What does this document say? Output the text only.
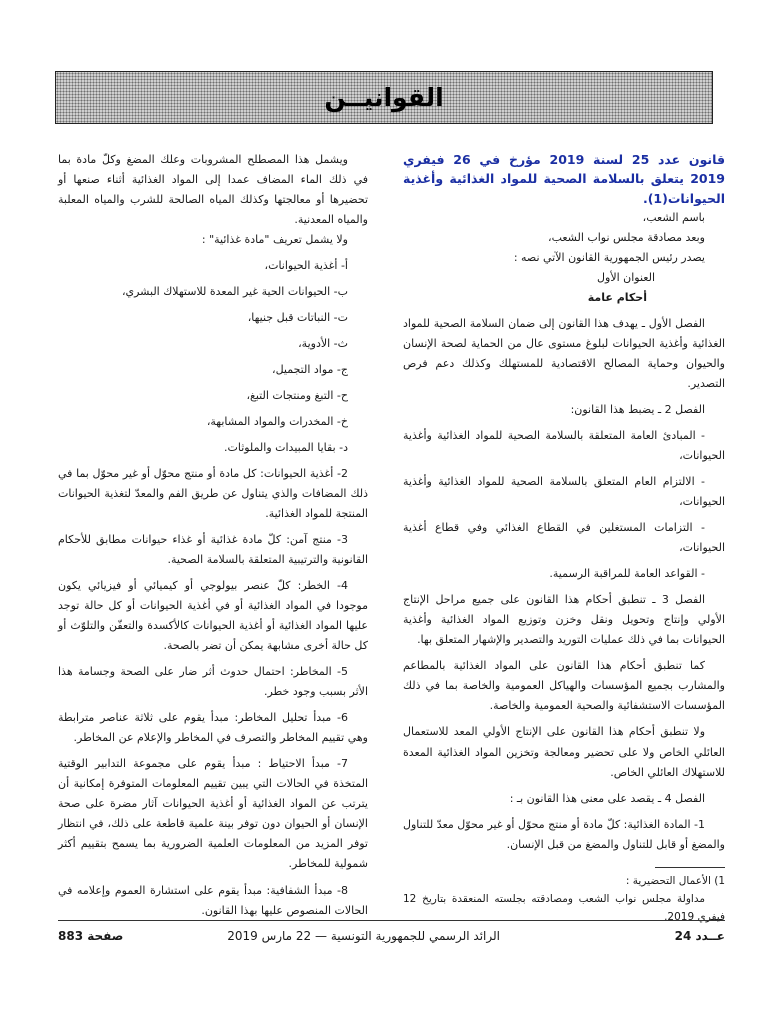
القوانيــن

قانون عدد 25 لسنة 2019 مؤرخ في 26 فيفري 2019 يتعلق بالسلامة الصحية للمواد الغذائية وأغذية الحيوانات(1).

باسم الشعب،

وبعد مصادقة مجلس نواب الشعب،

يصدر رئيس الجمهورية القانون الآتي نصه :

العنوان الأول

أحكام عامة

الفصل الأول ـ يهدف هذا القانون إلى ضمان السلامة الصحية للمواد الغذائية وأغذية الحيوانات لبلوغ مستوى عال من الحماية لصحة الإنسان والحيوان وحماية المصالح الاقتصادية للمستهلك وكذلك دعم فرص التصدير.

الفصل 2 ـ يضبط هذا القانون:

- المبادئ العامة المتعلقة بالسلامة الصحية للمواد الغذائية وأغذية الحيوانات،

- الالتزام العام المتعلق بالسلامة الصحية للمواد الغذائية وأغذية الحيوانات،

- التزامات المستغلين في القطاع الغذائي وفي قطاع أغذية الحيوانات،

- القواعد العامة للمراقبة الرسمية.

الفصل 3 ـ تنطبق أحكام هذا القانون على جميع مراحل الإنتاج الأولي وإنتاج وتحويل ونقل وخزن وتوزيع المواد الغذائية وأغذية الحيوانات بما في ذلك عمليات التوريد والتصدير والإشهار المتعلق بها.

كما تنطبق أحكام هذا القانون على المواد الغذائية بالمطاعم والمشارب بجميع المؤسسات والهياكل العمومية والخاصة بما في ذلك المؤسسات الاستشفائية والصحية العمومية والخاصة.

ولا تنطبق أحكام هذا القانون على الإنتاج الأولي المعد للاستعمال العائلي الخاص ولا على تحضير ومعالجة وتخزين المواد الغذائية المعدة للاستهلاك العائلي الخاص.

الفصل 4 ـ يقصد على معنى هذا القانون بـ :

1- المادة الغذائية: كلّ مادة أو منتج محوّل أو غير محوّل معدّ للتناول والمضغ أو قابل للتناول والمضغ من قبل الإنسان.

1) الأعمال التحضيرية :

مداولة مجلس نواب الشعب ومصادقته بجلسته المنعقدة بتاريخ 12 فيفري 2019.

ويشمل هذا المصطلح المشروبات وعلك المضغ وكلّ مادة بما في ذلك الماء المضاف عمدا إلى المواد الغذائية أثناء صنعها أو تحضيرها أو معالجتها وكذلك المياه الصالحة للشرب والمياه المعلبة والمياه المعدنية.

ولا يشمل تعريف "مادة غذائية" :

أ- أغذية الحيوانات،

ب- الحيوانات الحية غير المعدة للاستهلاك البشري،

ت- النباتات قبل جنيها،

ث- الأدوية،

ج- مواد التجميل،

ح- التبغ ومنتجات التبغ،

خ- المخدرات والمواد المشابهة،

د- بقايا المبيدات والملوثات.

2- أغذية الحيوانات: كل مادة أو منتج محوّل أو غير محوّل بما في ذلك المضافات والذي يتناول عن طريق الفم والمعدّ لتغذية الحيوانات المنتجة للمواد الغذائية.

3- منتج آمن: كلّ مادة غذائية أو غذاء حيوانات مطابق للأحكام القانونية والترتيبية المتعلقة بالسلامة الصحية.

4- الخطر: كلّ عنصر بيولوجي أو كيميائي أو فيزيائي يكون موجودا في المواد الغذائية أو في أغذية الحيوانات أو كل حالة توجد عليها المواد الغذائية أو أغذية الحيوانات كالأكسدة والتعفّن والتلوّث أو كل حالة أخرى مشابهة يمكن أن تضر بالصحة.

5- المخاطر: احتمال حدوث أثر ضار على الصحة وجسامة هذا الأثر بسبب وجود خطر.

6- مبدأ تحليل المخاطر: مبدأ يقوم على ثلاثة عناصر مترابطة وهي تقييم المخاطر والتصرف في المخاطر والإعلام عن المخاطر.

7- مبدأ الاحتياط : مبدأ يقوم على مجموعة التدابير الوقتية المتخذة في الحالات التي يبين تقييم المعلومات المتوفرة إمكانية أن يترتب عن المواد الغذائية أو أغذية الحيوانات آثار مضرة على صحة الإنسان أو الحيوان دون توفر بينة علمية قاطعة على ذلك، في انتظار توفر المزيد من المعلومات العلمية الضرورية بما يسمح بتقييم أكثر شمولية للمخاطر.

8- مبدأ الشفافية: مبدأ يقوم على استشارة العموم وإعلامه في الحالات المنصوص عليها بهذا القانون.

عــدد 24
الرائد الرسمي للجمهورية التونسية — 22 مارس 2019
صفحة 883
